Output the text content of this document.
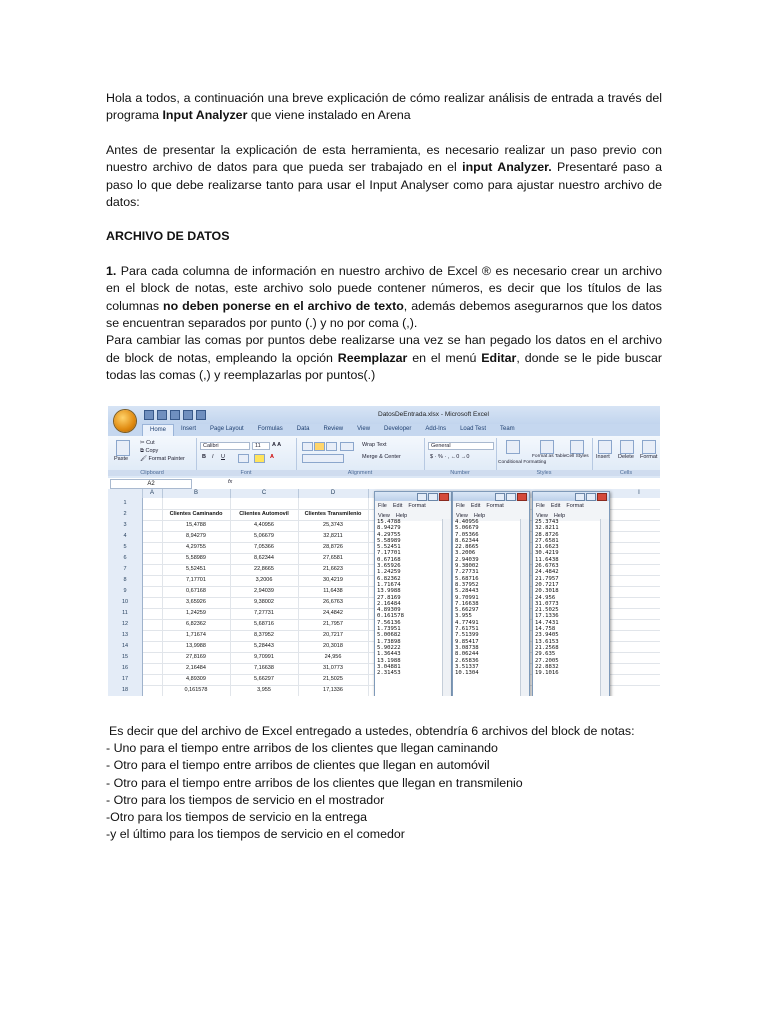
Hola a todos, a continuación una breve explicación de cómo realizar análisis de entrada a través del programa Input Analyzer que viene instalado en Arena

Antes de presentar la explicación de esta herramienta, es necesario realizar un paso previo con nuestro archivo de datos para que pueda ser trabajado en el input Analyzer. Presentaré paso a paso lo que debe realizarse tanto para usar el Input Analyser como para ajustar nuestro archivo de datos:

ARCHIVO DE DATOS

1. Para cada columna de información en nuestro archivo de Excel ® es necesario crear un archivo en el block de notas, este archivo solo puede contener números, es decir que los títulos de las columnas no deben ponerse en el archivo de texto, además debemos asegurarnos que los datos se encuentran separados por punto (.) y no por coma (,).

Para cambiar las comas por puntos debe realizarse una vez se han pegado los datos en el archivo de block de notas, empleando la opción Reemplazar en el menú Editar, donde se le pide buscar todas las comas (,) y reemplazarlas por puntos(.)

DatosDeEntrada.xlsx - Microsoft Excel
Home	Insert	Page Layout	Formulas	Data	Review	View	Developer	Add-Ins	Load Test	Team
Paste
✂ Cut
⧉ Copy
🖌 Format Painter
Clipboard
Calibri	11	A A
B I U	A
Font
Wrap Text
Merge & Center
Alignment
General
$ · % · , ←0 →0
Number
Conditional Formatting
Format as Table Cell Styles
Styles
Insert Delete Format
Cells
A2	fx
A	B	C	D	I
1
2
3
4
5
6
7
8
9
10
11
12
13
14
15
16
17
18
Clientes Caminando	Clientes Automovil	Clientes Transmilenio
15,4788	4,40956	25,3743
8,94279	5,06679	32,8211
4,29755	7,05366	28,8726
5,58989	8,62344	27,6581
5,52451	22,8665	21,6623
7,17701	3,2006	30,4219
0,67168	2,94039	11,6438
3,65926	9,38002	26,6763
1,24259	7,27731	24,4842
6,82362	5,68716	21,7957
1,71674	8,37952	20,7217
13,9988	5,28443	20,3018
27,8169	9,70991	24,956
2,16484	7,16638	31,0773
4,89309	5,66297	21,5025
0,161578	3,955	17,1336
File Edit Format
View Help
15.4788
8.94279
4.29755
5.58989
5.52451
7.17701
0.67168
3.65926
1.24259
6.82362
1.71674
13.9988
27.8169
2.16484
4.89309
0.161578
7.56136
1.73951
5.00682
1.73898
5.90222
1.36443
13.1988
3.04881
2.31453
File Edit Format
View Help
4.40956
5.06679
7.05366
8.62344
22.8665
3.2006
2.94039
9.38002
7.27731
5.68716
8.37952
5.28443
9.70991
7.16638
5.66297
3.955
4.77491
7.61751
7.51399
9.85417
3.08738
8.06244
2.65836
3.51337
10.1304
File Edit Format
View Help
25.3743
32.8211
28.8726
27.6581
21.6623
30.4219
11.6438
26.6763
24.4842
21.7957
20.7217
20.3018
24.956
31.0773
21.5025
17.1336
14.7431
14.758
23.9405
13.6153
21.2568
29.635
27.2005
22.8832
19.1016

Es decir que del archivo de Excel entregado a ustedes, obtendría 6 archivos del block de notas:

- Uno para el tiempo entre arribos de los clientes que llegan caminando

- Otro para el tiempo entre arribos de clientes que llegan en automóvil

- Otro para el tiempo entre arribos de los clientes que llegan en transmilenio

- Otro para los tiempos de servicio en el mostrador

-Otro para los tiempos de servicio en la entrega

-y el último para los tiempos de servicio en el comedor
